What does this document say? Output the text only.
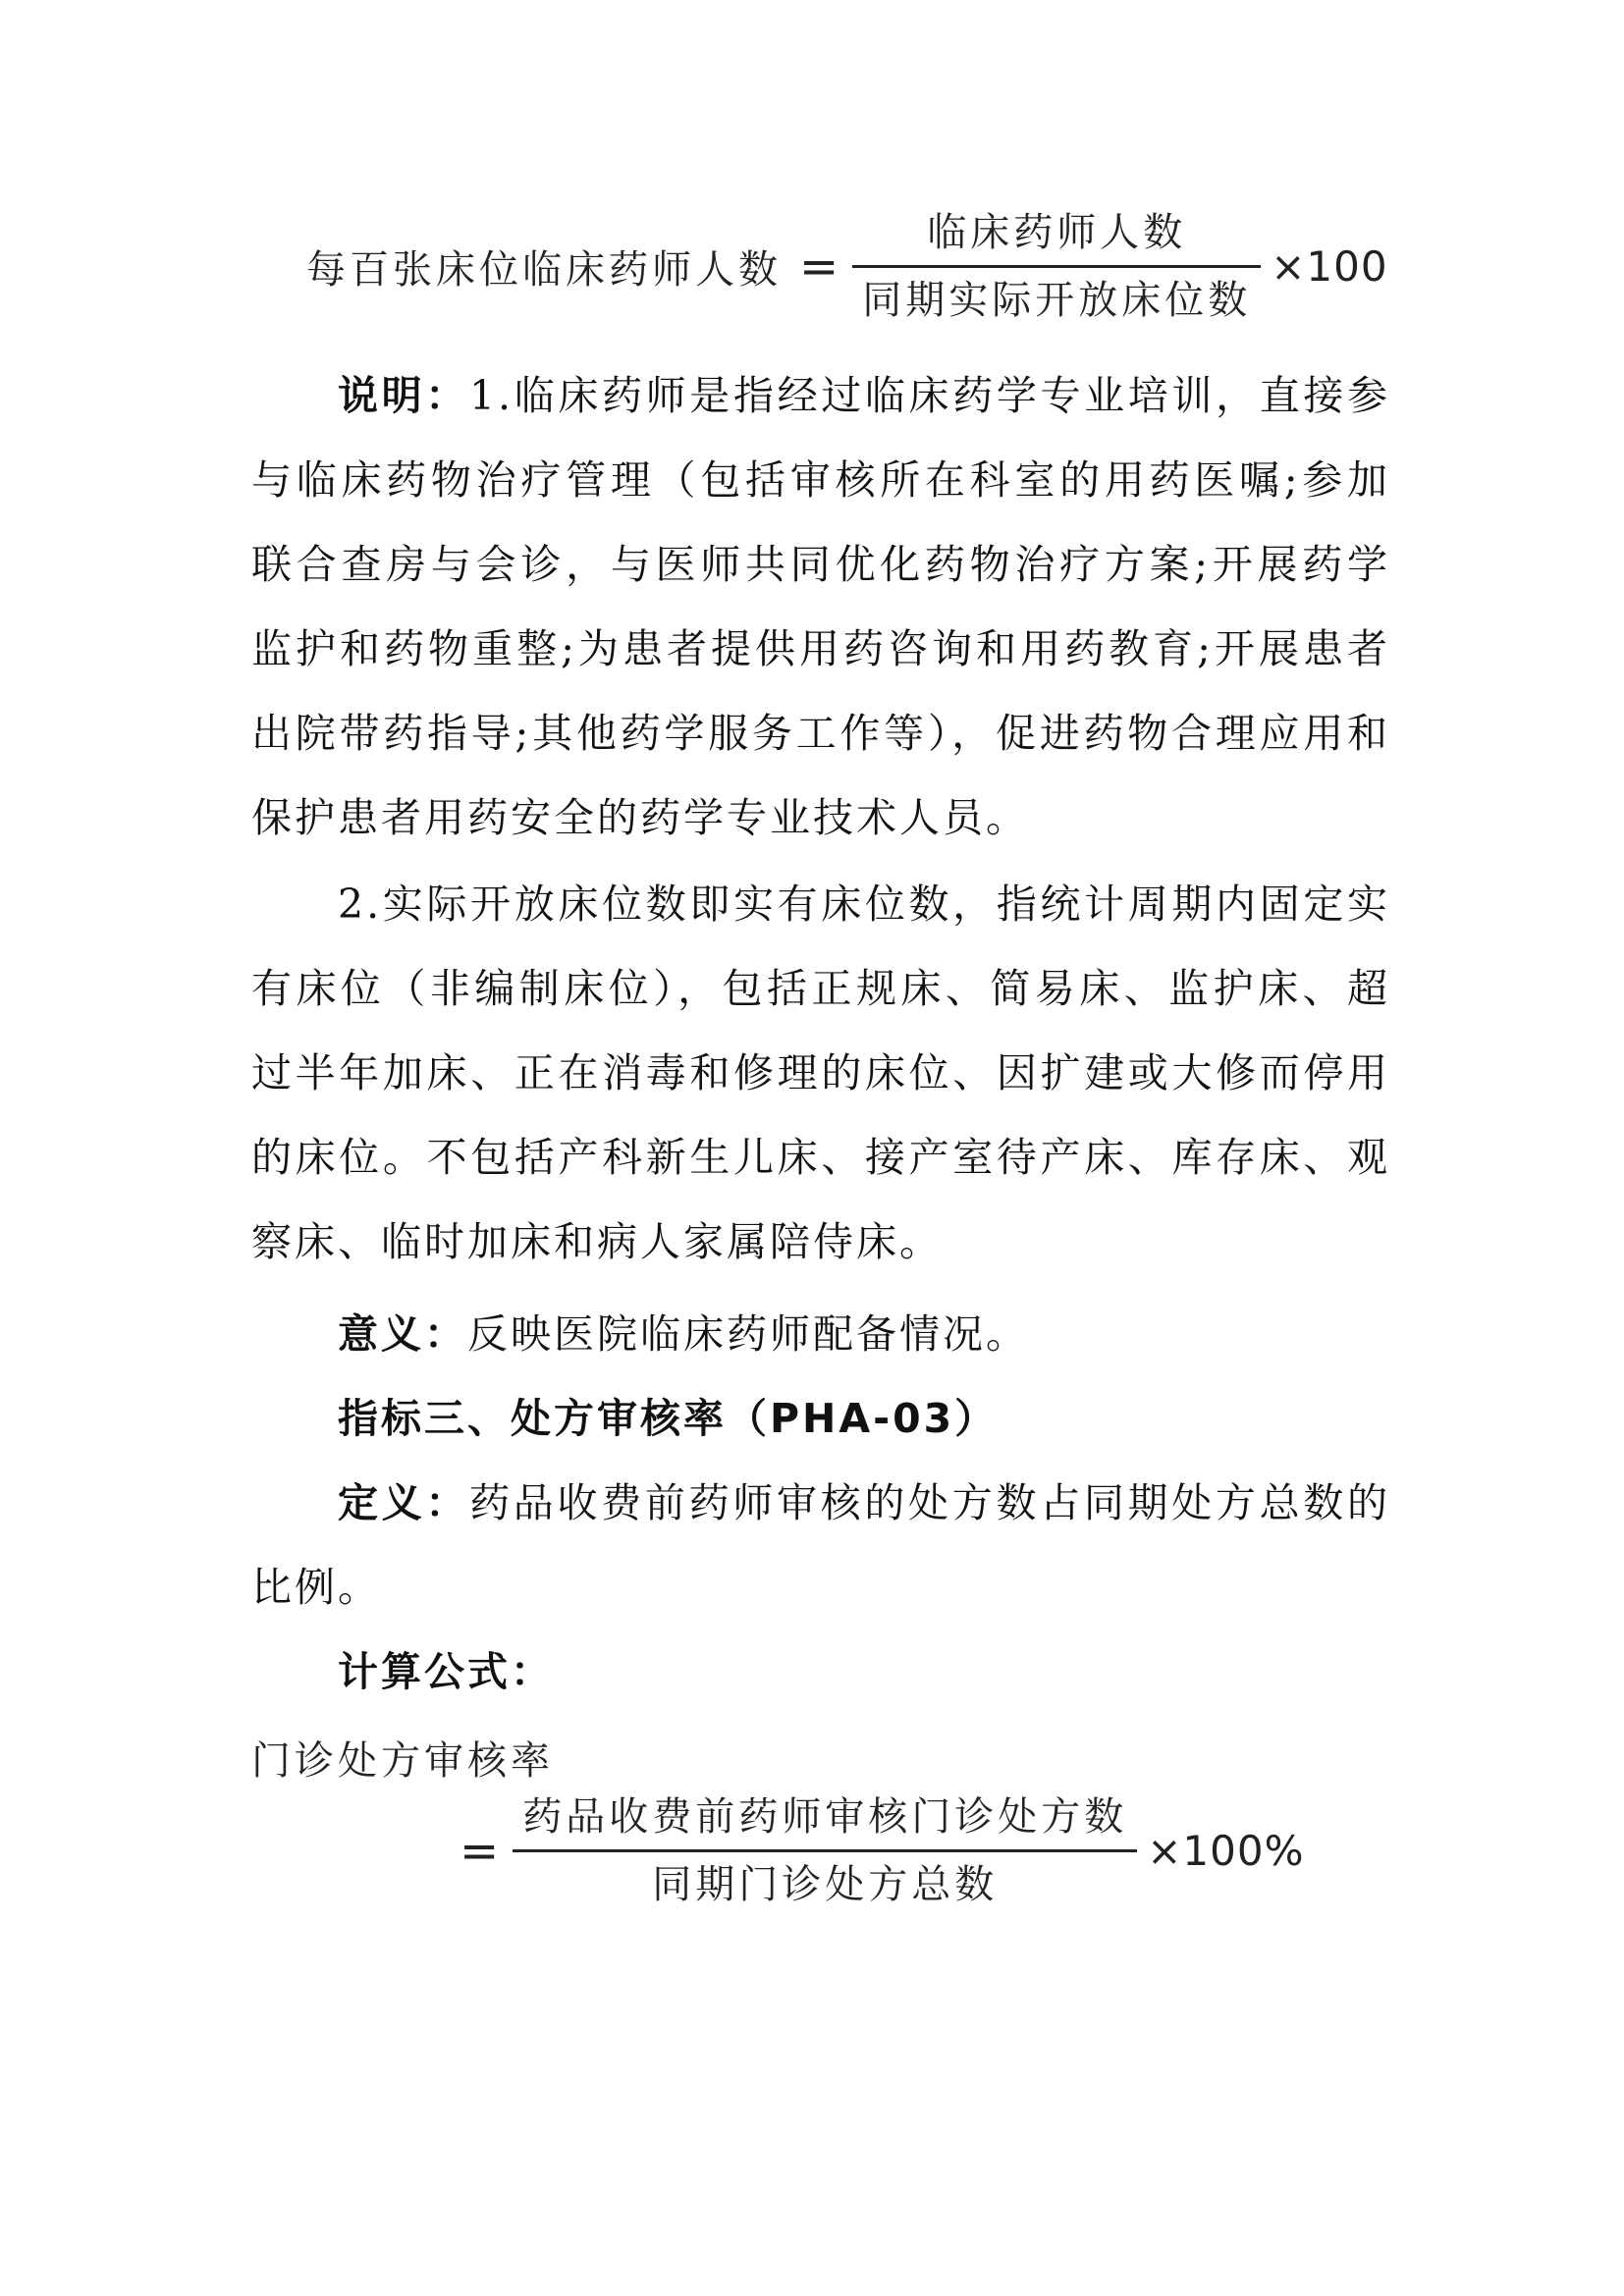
每百张床位临床药师人数 = $\frac{\text{临床药师人数}}{\text{同期实际开放床位数}} \times 100$

说明：1.临床药师是指经过临床药学专业培训，直接参与临床药物治疗管理（包括审核所在科室的用药医嘱;参加联合查房与会诊，与医师共同优化药物治疗方案;开展药学监护和药物重整;为患者提供用药咨询和用药教育;开展患者出院带药指导;其他药学服务工作等），促进药物合理应用和保护患者用药安全的药学专业技术人员。

2.实际开放床位数即实有床位数，指统计周期内固定实有床位（非编制床位），包括正规床、简易床、监护床、超过半年加床、正在消毒和修理的床位、因扩建或大修而停用的床位。不包括产科新生儿床、接产室待产床、库存床、观察床、临时加床和病人家属陪侍床。

意义：反映医院临床药师配备情况。

指标三、处方审核率（PHA-03）

定义：药品收费前药师审核的处方数占同期处方总数的比例。

计算公式：

门诊处方审核率
= $\frac{\text{药品收费前药师审核门诊处方数}}{\text{同期门诊处方总数}} \times 100\%$
